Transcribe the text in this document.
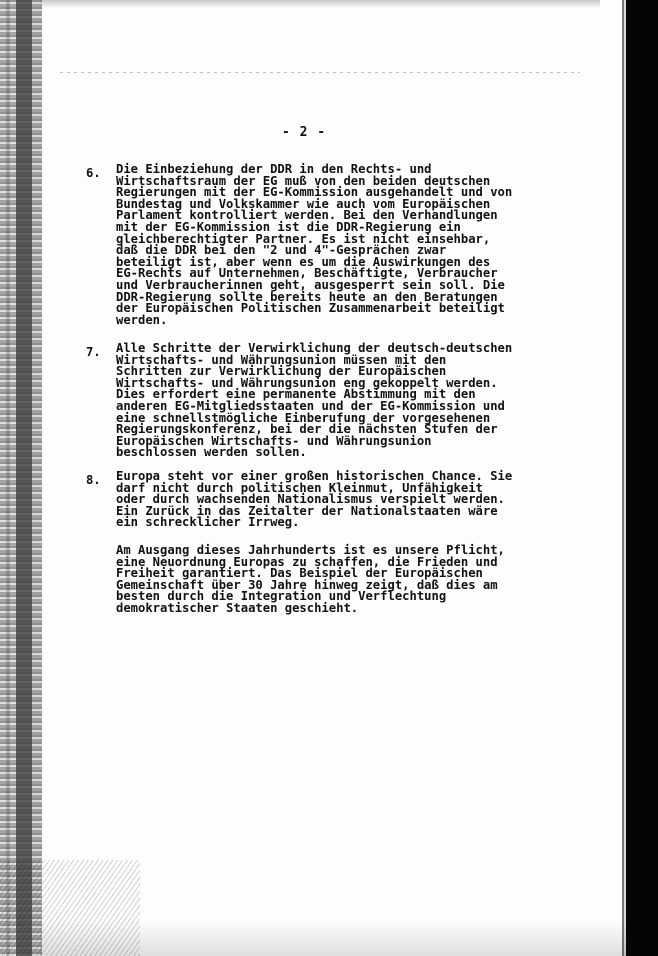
- 2 -
6.	Die Einbeziehung der DDR in den Rechts- und
Wirtschaftsraum der EG muß von den beiden deutschen
Regierungen mit der EG-Kommission ausgehandelt und von
Bundestag und Volkskammer wie auch vom Europäischen
Parlament kontrolliert werden. Bei den Verhandlungen
mit der EG-Kommission ist die DDR-Regierung ein
gleichberechtigter Partner. Es ist nicht einsehbar,
daß die DDR bei den "2 und 4"-Gesprächen zwar
beteiligt ist, aber wenn es um die Auswirkungen des
EG-Rechts auf Unternehmen, Beschäftigte, Verbraucher
und Verbraucherinnen geht, ausgesperrt sein soll. Die
DDR-Regierung sollte bereits heute an den Beratungen
der Europäischen Politischen Zusammenarbeit beteiligt
werden.
7.	Alle Schritte der Verwirklichung der deutsch-deutschen
Wirtschafts- und Währungsunion müssen mit den
Schritten zur Verwirklichung der Europäischen
Wirtschafts- und Währungsunion eng gekoppelt werden.
Dies erfordert eine permanente Abstimmung mit den
anderen EG-Mitgliedsstaaten und der EG-Kommission und
eine schnellstmögliche Einberufung der vorgesehenen
Regierungskonferenz, bei der die nächsten Stufen der
Europäischen Wirtschafts- und Währungsunion
beschlossen werden sollen.
8.	Europa steht vor einer großen historischen Chance. Sie
darf nicht durch politischen Kleinmut, Unfähigkeit
oder durch wachsenden Nationalismus verspielt werden.
Ein Zurück in das Zeitalter der Nationalstaaten wäre
ein schrecklicher Irrweg.
Am Ausgang dieses Jahrhunderts ist es unsere Pflicht,
eine Neuordnung Europas zu schaffen, die Frieden und
Freiheit garantiert. Das Beispiel der Europäischen
Gemeinschaft über 30 Jahre hinweg zeigt, daß dies am
besten durch die Integration und Verflechtung
demokratischer Staaten geschieht.
